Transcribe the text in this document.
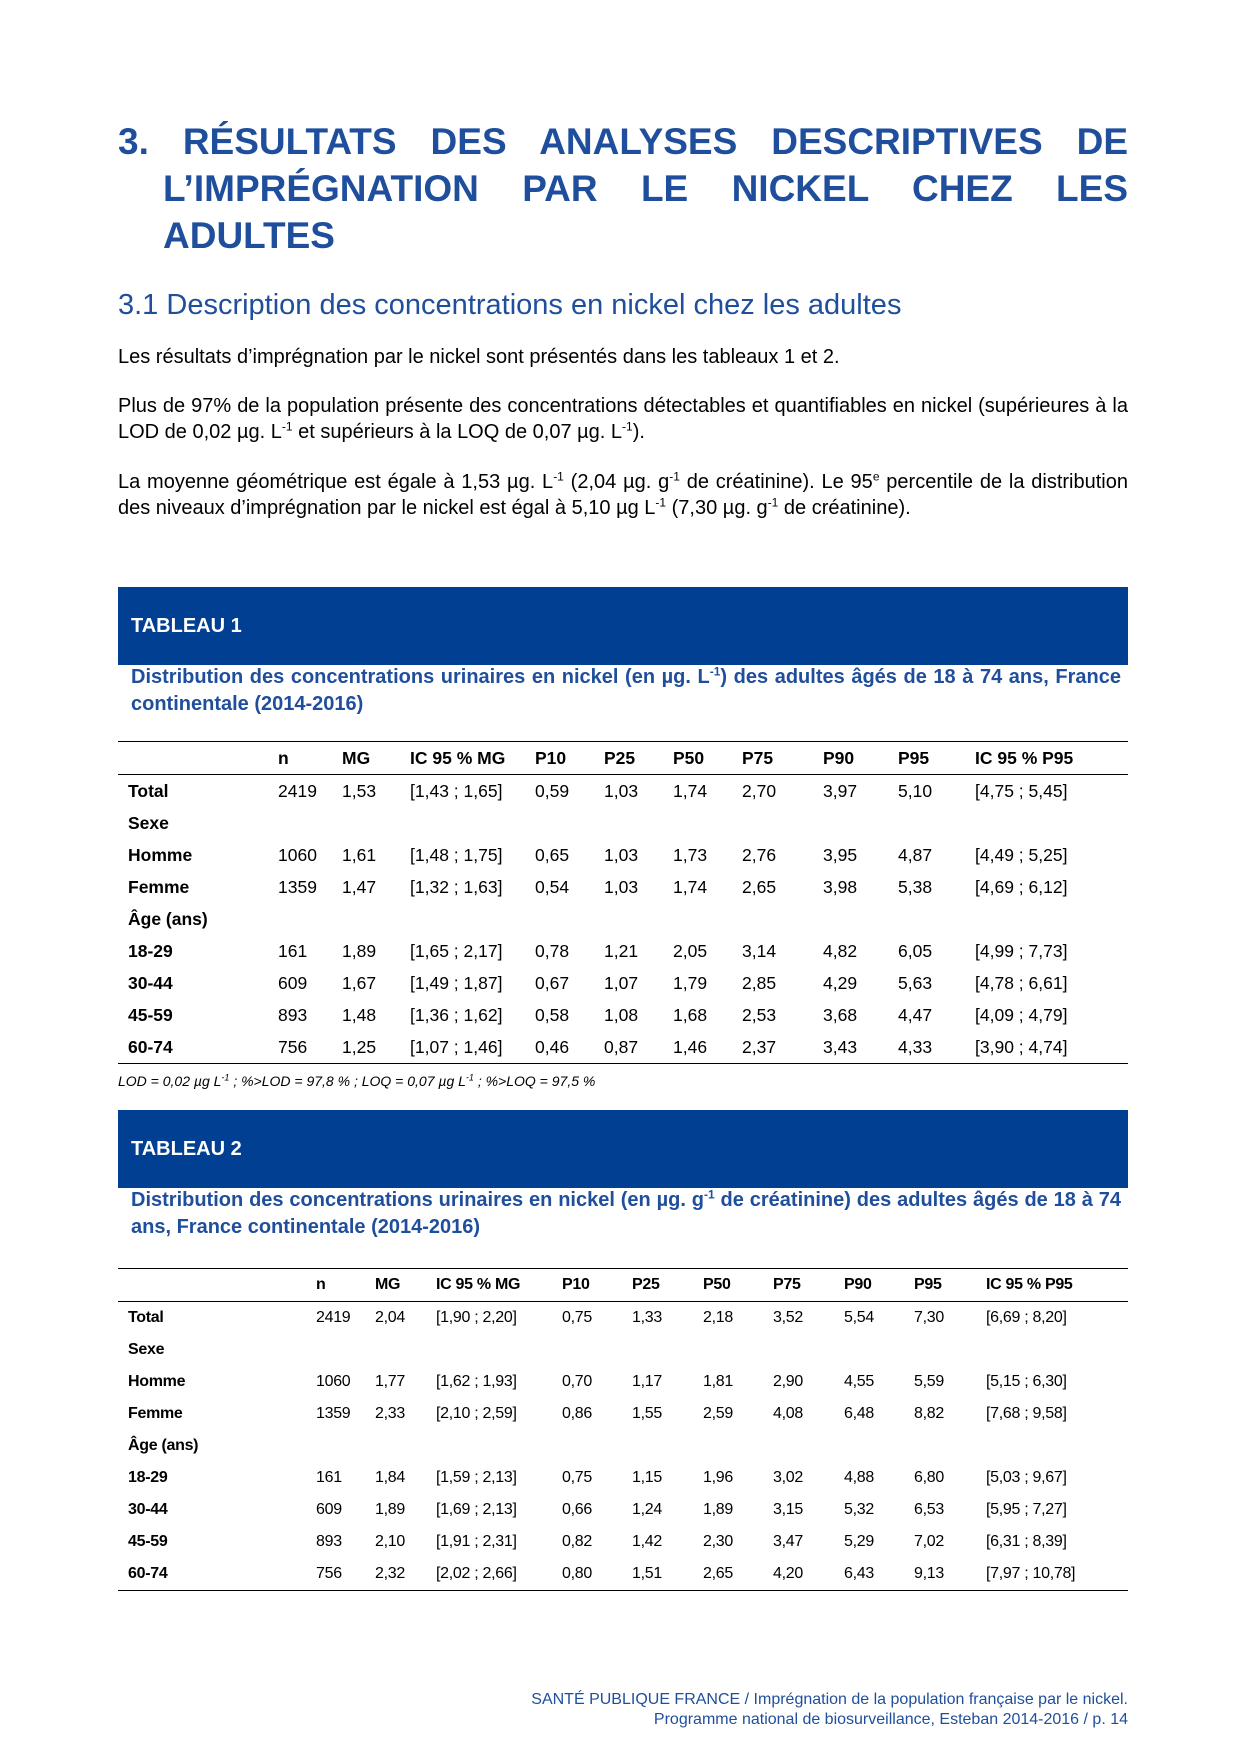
3. RÉSULTATS DES ANALYSES DESCRIPTIVES DE L’IMPRÉGNATION PAR LE NICKEL CHEZ LES ADULTES
3.1 Description des concentrations en nickel chez les adultes
Les résultats d’imprégnation par le nickel sont présentés dans les tableaux 1 et 2.
Plus de 97% de la population présente des concentrations détectables et quantifiables en nickel (supérieures à la LOD de 0,02 µg. $L^{-1}$ et supérieurs à la LOQ de 0,07 µg. $L^{-1}$).
La moyenne géométrique est égale à 1,53 µg. $L^{-1}$ (2,04 µg. $g^{-1}$ de créatinine). Le 95e percentile de la distribution des niveaux d’imprégnation par le nickel est égal à 5,10 µg $L^{-1}$ (7,30 µg. $g^{-1}$ de créatinine).
TABLEAU 1
Distribution des concentrations urinaires en nickel (en µg. $L^{-1}$) des adultes âgés de 18 à 74 ans, France continentale (2014-2016)
	n	MG	IC 95 % MG	P10	P25	P50	P75	P90	P95	IC 95 % P95
Total	2419	1,53	[1,43 ; 1,65]	0,59	1,03	1,74	2,70	3,97	5,10	[4,75 ; 5,45]
Sexe										
Homme	1060	1,61	[1,48 ; 1,75]	0,65	1,03	1,73	2,76	3,95	4,87	[4,49 ; 5,25]
Femme	1359	1,47	[1,32 ; 1,63]	0,54	1,03	1,74	2,65	3,98	5,38	[4,69 ; 6,12]
Âge (ans)										
18-29	161	1,89	[1,65 ; 2,17]	0,78	1,21	2,05	3,14	4,82	6,05	[4,99 ; 7,73]
30-44	609	1,67	[1,49 ; 1,87]	0,67	1,07	1,79	2,85	4,29	5,63	[4,78 ; 6,61]
45-59	893	1,48	[1,36 ; 1,62]	0,58	1,08	1,68	2,53	3,68	4,47	[4,09 ; 4,79]
60-74	756	1,25	[1,07 ; 1,46]	0,46	0,87	1,46	2,37	3,43	4,33	[3,90 ; 4,74]
LOD = 0,02 µg $L^{-1}$ ; %>LOD = 97,8 % ; LOQ = 0,07 µg $L^{-1}$ ; %>LOQ = 97,5 %
TABLEAU 2
Distribution des concentrations urinaires en nickel (en µg. $g^{-1}$ de créatinine) des adultes âgés de 18 à 74 ans, France continentale (2014-2016)
	n	MG	IC 95 % MG	P10	P25	P50	P75	P90	P95	IC 95 % P95
Total	2419	2,04	[1,90 ; 2,20]	0,75	1,33	2,18	3,52	5,54	7,30	[6,69 ; 8,20]
Sexe										
Homme	1060	1,77	[1,62 ; 1,93]	0,70	1,17	1,81	2,90	4,55	5,59	[5,15 ; 6,30]
Femme	1359	2,33	[2,10 ; 2,59]	0,86	1,55	2,59	4,08	6,48	8,82	[7,68 ; 9,58]
Âge (ans)										
18-29	161	1,84	[1,59 ; 2,13]	0,75	1,15	1,96	3,02	4,88	6,80	[5,03 ; 9,67]
30-44	609	1,89	[1,69 ; 2,13]	0,66	1,24	1,89	3,15	5,32	6,53	[5,95 ; 7,27]
45-59	893	2,10	[1,91 ; 2,31]	0,82	1,42	2,30	3,47	5,29	7,02	[6,31 ; 8,39]
60-74	756	2,32	[2,02 ; 2,66]	0,80	1,51	2,65	4,20	6,43	9,13	[7,97 ; 10,78]
SANTÉ PUBLIQUE FRANCE / Imprégnation de la population française par le nickel.
Programme national de biosurveillance, Esteban 2014-2016 / p. 14
